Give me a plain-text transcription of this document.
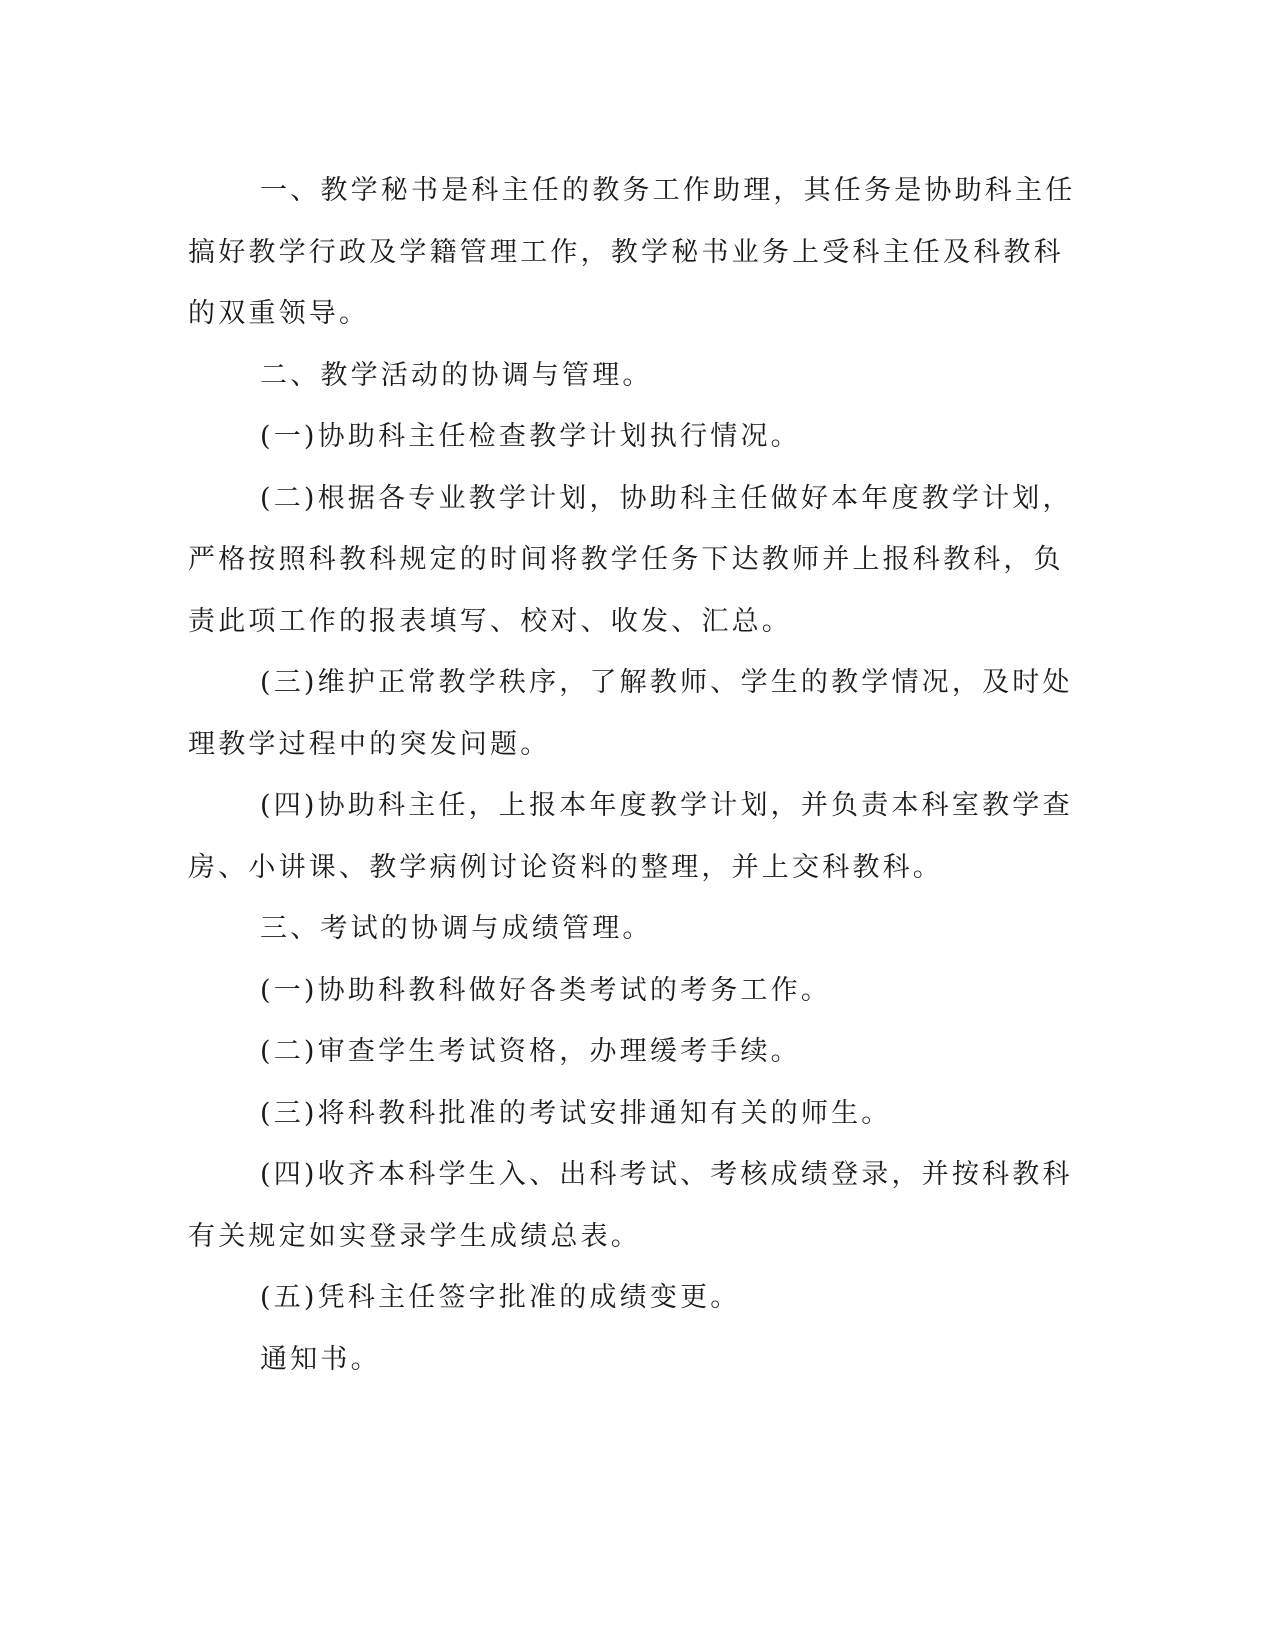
一、教学秘书是科主任的教务工作助理，其任务是协助科主任搞好教学行政及学籍管理工作，教学秘书业务上受科主任及科教科的双重领导。

二、教学活动的协调与管理。

(一)协助科主任检查教学计划执行情况。

(二)根据各专业教学计划，协助科主任做好本年度教学计划，严格按照科教科规定的时间将教学任务下达教师并上报科教科，负责此项工作的报表填写、校对、收发、汇总。

(三)维护正常教学秩序，了解教师、学生的教学情况，及时处理教学过程中的突发问题。

(四)协助科主任，上报本年度教学计划，并负责本科室教学查房、小讲课、教学病例讨论资料的整理，并上交科教科。

三、考试的协调与成绩管理。

(一)协助科教科做好各类考试的考务工作。

(二)审查学生考试资格，办理缓考手续。

(三)将科教科批准的考试安排通知有关的师生。

(四)收齐本科学生入、出科考试、考核成绩登录，并按科教科有关规定如实登录学生成绩总表。

(五)凭科主任签字批准的成绩变更。

通知书。
